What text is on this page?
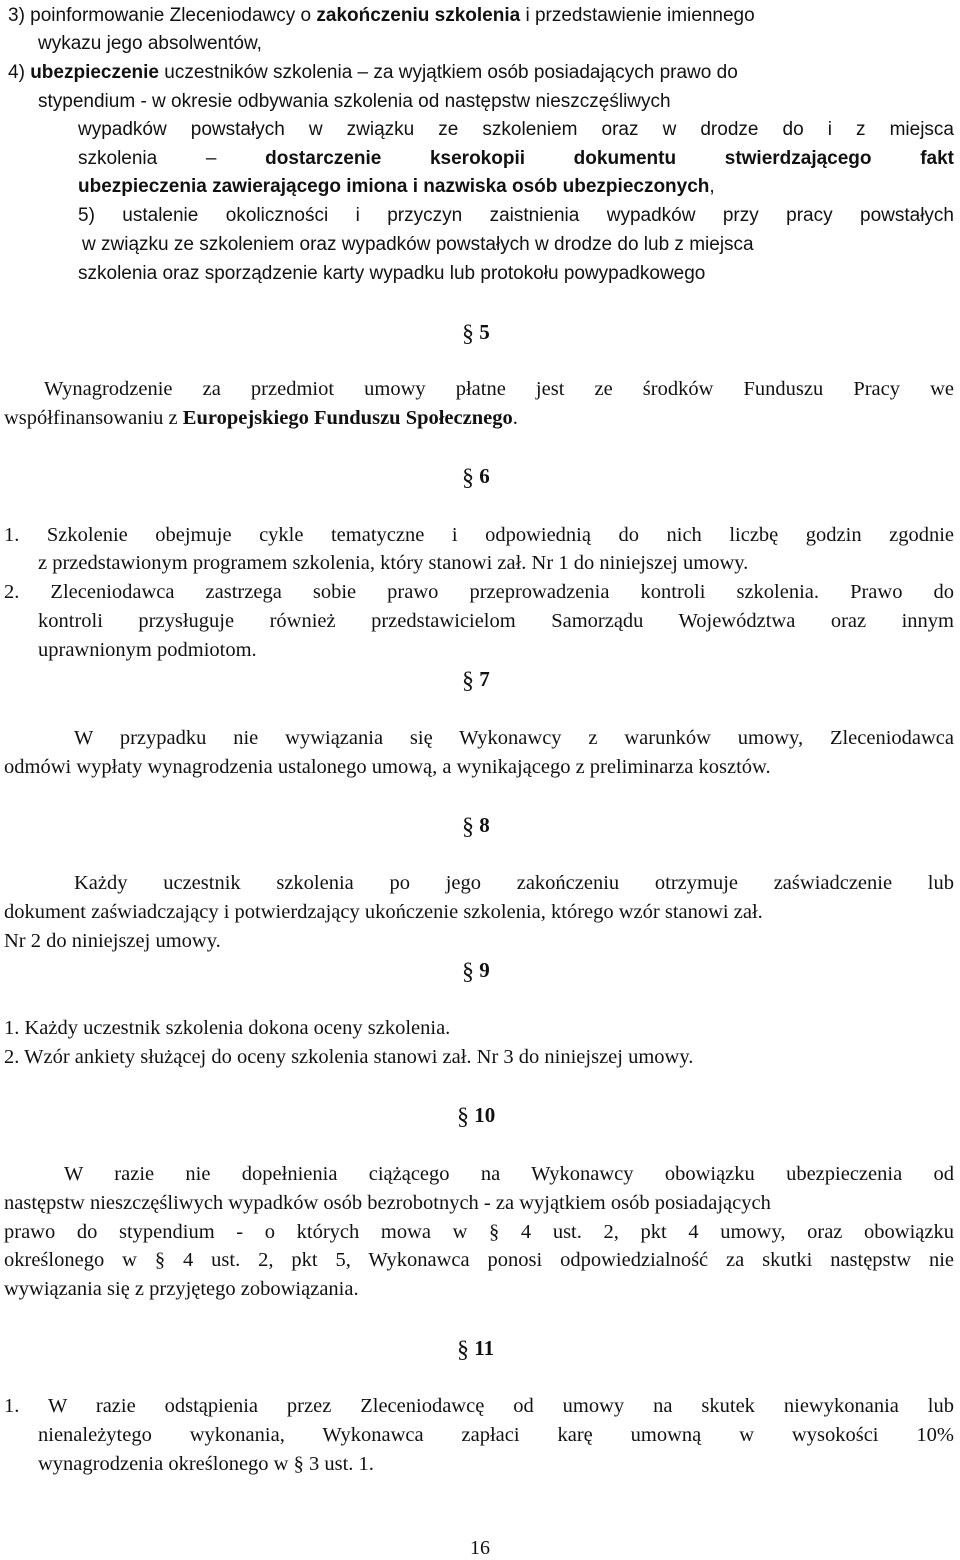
3) poinformowanie Zleceniodawcy o zakończeniu szkolenia i przedstawienie imiennego
wykazu jego absolwentów,
4) ubezpieczenie uczestników szkolenia – za wyjątkiem osób posiadających prawo do
stypendium - w okresie odbywania szkolenia od następstw nieszczęśliwych
wypadków powstałych w związku ze szkoleniem oraz w drodze do i z miejsca
szkolenia – dostarczenie kserokopii dokumentu stwierdzającego fakt
ubezpieczenia zawierającego imiona i nazwiska osób ubezpieczonych,
5) ustalenie okoliczności i przyczyn zaistnienia wypadków przy pracy powstałych
w związku ze szkoleniem oraz wypadków powstałych w drodze do lub z miejsca
szkolenia oraz sporządzenie karty wypadku lub protokołu powypadkowego
§ 5
Wynagrodzenie za przedmiot umowy płatne jest ze środków Funduszu Pracy we
współfinansowaniu z Europejskiego Funduszu Społecznego.
§ 6
1. Szkolenie obejmuje cykle tematyczne i odpowiednią do nich liczbę godzin zgodnie
z przedstawionym programem szkolenia, który stanowi zał. Nr 1 do niniejszej umowy.
2. Zleceniodawca zastrzega sobie prawo przeprowadzenia kontroli szkolenia. Prawo do
kontroli przysługuje również przedstawicielom Samorządu Województwa oraz innym
uprawnionym podmiotom.
§ 7
W przypadku nie wywiązania się Wykonawcy z warunków umowy, Zleceniodawca
odmówi wypłaty wynagrodzenia ustalonego umową, a wynikającego z preliminarza kosztów.
§ 8
Każdy uczestnik szkolenia po jego zakończeniu otrzymuje zaświadczenie lub
dokument zaświadczający i potwierdzający ukończenie szkolenia, którego wzór stanowi zał.
Nr 2 do niniejszej umowy.
§ 9
1. Każdy uczestnik szkolenia dokona oceny szkolenia.
2. Wzór ankiety służącej do oceny szkolenia stanowi zał. Nr 3 do niniejszej umowy.
§ 10
W razie nie dopełnienia ciążącego na Wykonawcy obowiązku ubezpieczenia od
następstw nieszczęśliwych wypadków osób bezrobotnych - za wyjątkiem osób posiadających
prawo do stypendium - o których mowa w § 4 ust. 2, pkt 4 umowy, oraz obowiązku
określonego w § 4 ust. 2, pkt 5, Wykonawca ponosi odpowiedzialność za skutki następstw nie
wywiązania się z przyjętego zobowiązania.
§ 11
1. W razie odstąpienia przez Zleceniodawcę od umowy na skutek niewykonania lub
nienależytego wykonania, Wykonawca zapłaci karę umowną w wysokości 10%
wynagrodzenia określonego w § 3 ust. 1.
16
